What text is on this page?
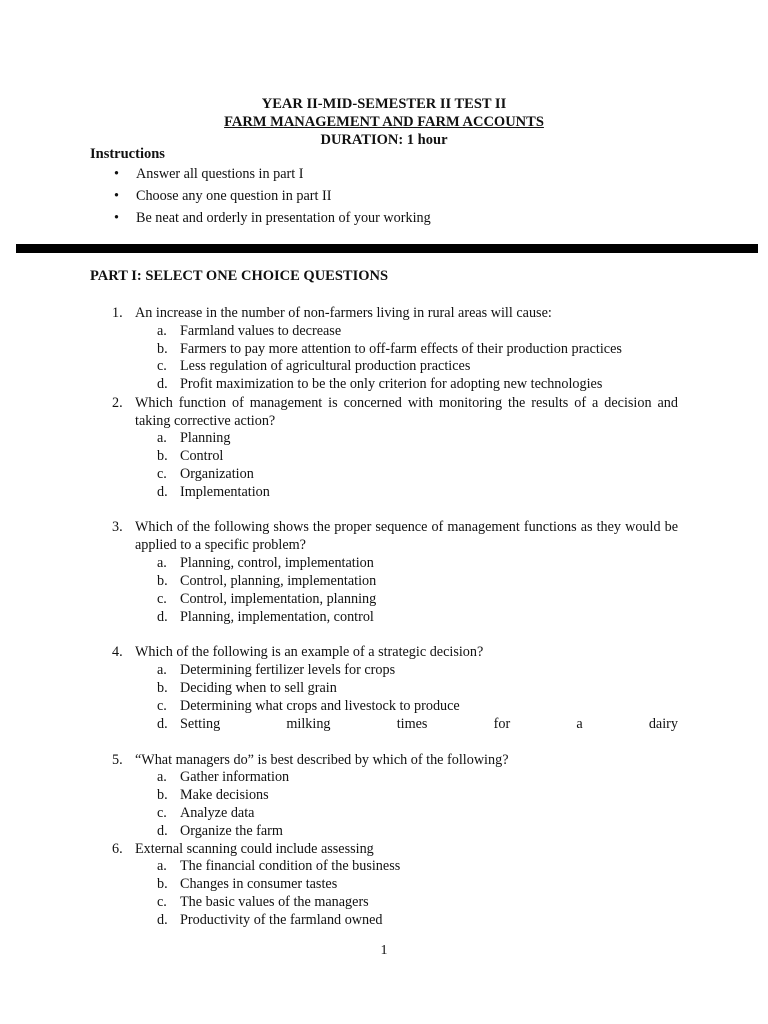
YEAR II-MID-SEMESTER II TEST II
FARM MANAGEMENT AND FARM ACCOUNTS
DURATION: 1 hour
Instructions
• Answer all questions in part I
• Choose any one question in part II
• Be neat and orderly in presentation of your working
PART I: SELECT ONE CHOICE QUESTIONS
1. An increase in the number of non-farmers living in rural areas will cause:
a. Farmland values to decrease
b. Farmers to pay more attention to off-farm effects of their production practices
c. Less regulation of agricultural production practices
d. Profit maximization to be the only criterion for adopting new technologies
2. Which function of management is concerned with monitoring the results of a decision and taking corrective action?
a. Planning
b. Control
c. Organization
d. Implementation
3. Which of the following shows the proper sequence of management functions as they would be applied to a specific problem?
a. Planning, control, implementation
b. Control, planning, implementation
c. Control, implementation, planning
d. Planning, implementation, control
4. Which of the following is an example of a strategic decision?
a. Determining fertilizer levels for crops
b. Deciding when to sell grain
c. Determining what crops and livestock to produce
d. Setting	milking	times	for	a	dairy
5. “What managers do” is best described by which of the following?
a. Gather information
b. Make decisions
c. Analyze data
d. Organize the farm
6. External scanning could include assessing
a. The financial condition of the business
b. Changes in consumer tastes
c. The basic values of the managers
d. Productivity of the farmland owned
1
